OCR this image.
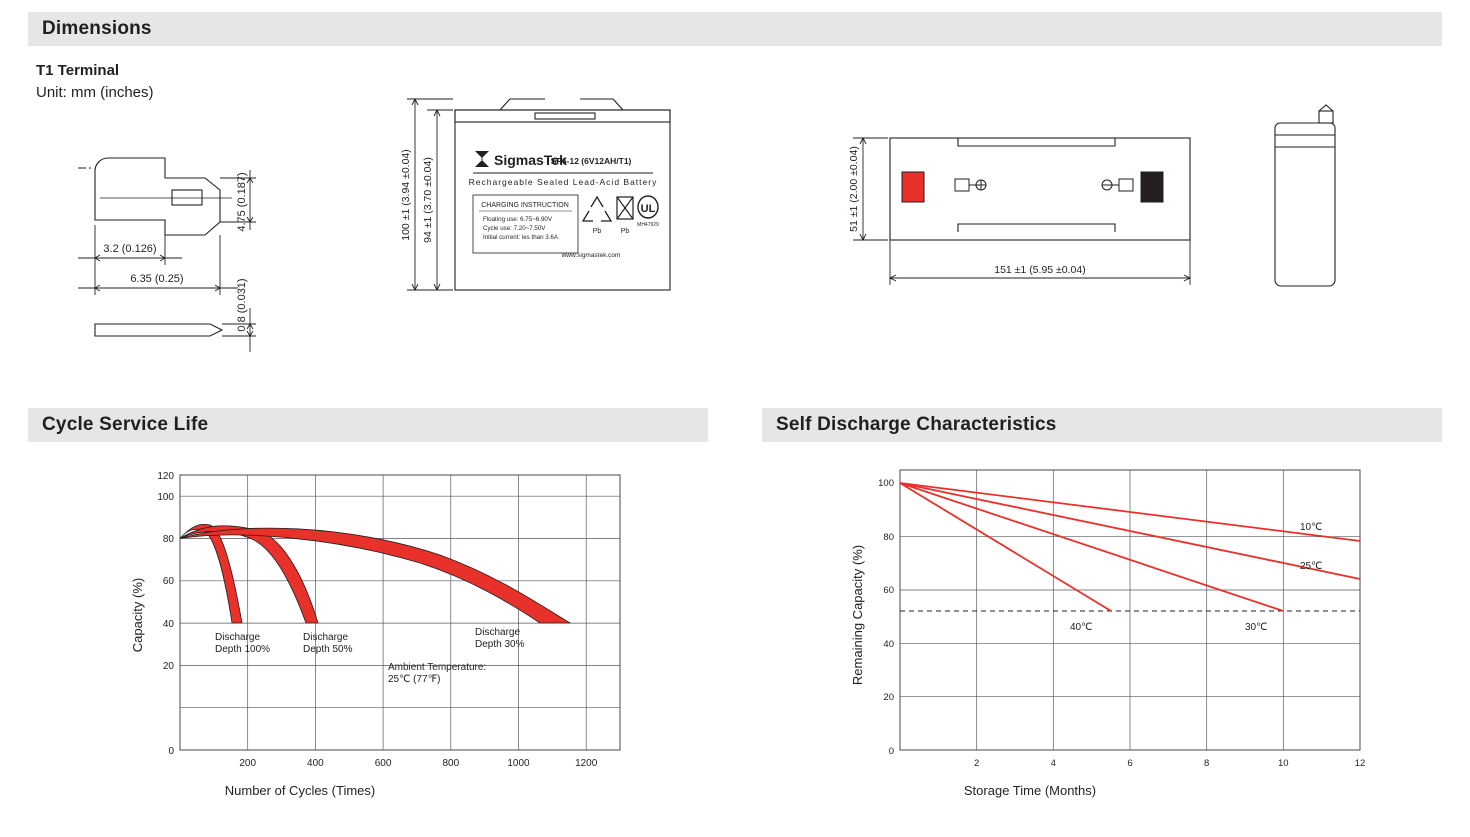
Dimensions
Cycle Service Life	Self Discharge Characteristics
T1 Terminal
Unit: mm (inches)
4.75 (0.187)
3.2 (0.126)
6.35 (0.25)	0.8 (0.031)
SigmasTek
SP6-12 (6V12AH/T1)
Rechargeable Sealed Lead-Acid Battery
CHARGING INSTRUCTION
Floating use: 6.75~6.90V
Cycle use: 7.20~7.50V
Initial current: les than 3.6A
Pb	Pb
UL
MH47929
www.sigmastek.com
100 ±1 (3.94 ±0.04) 94 ±1 (3.70 ±0.04)	51 ±1 (2.00 ±0.04)
151 ±1 (5.95 ±0.04)
120
100
80
60
40
20
0
200	400	600	800	1000	1200
Discharge
Depth 100%
Discharge
Depth 50%
Discharge
Depth 30%
Ambient Temperature:
25℃ (77℉)
Capacity (%)
Number of Cycles (Times)
100
80
60
40
20
0
2	4	6	8	10	12
10℃
25℃
30℃
40℃
Remaining Capacity (%)
Storage Time (Months)
